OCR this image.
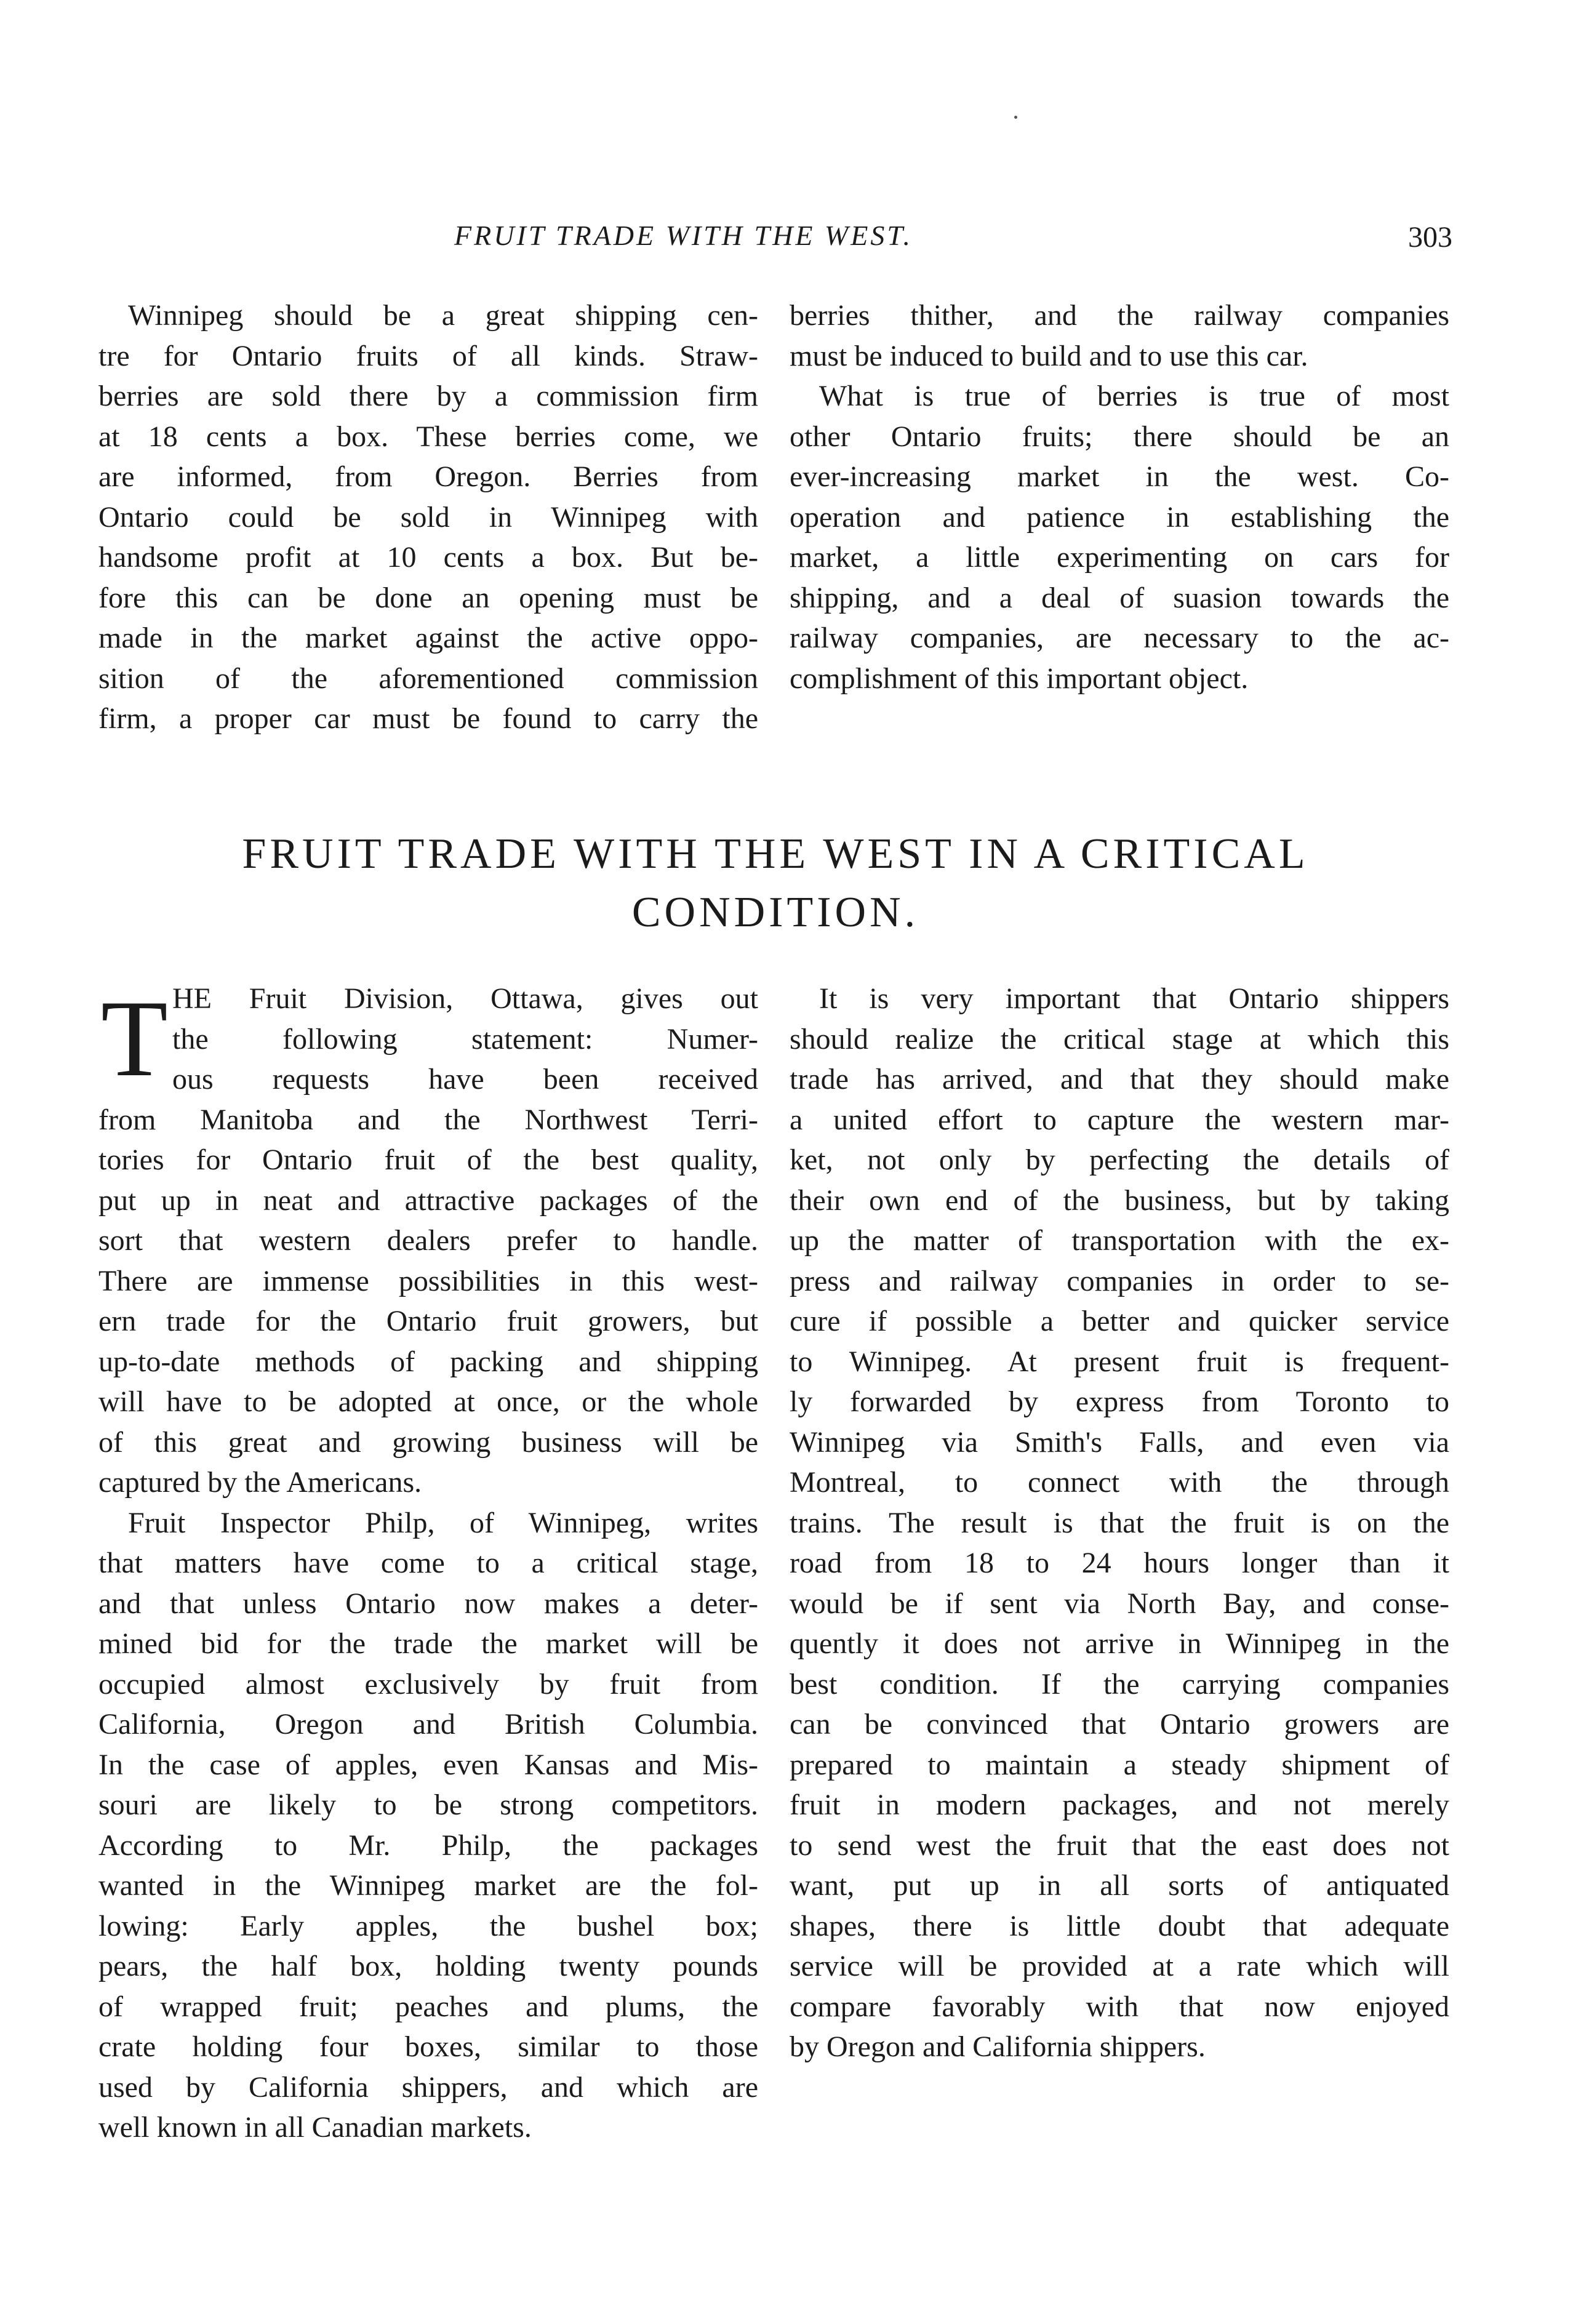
FRUIT TRADE WITH THE WEST.	303
Winnipeg should be a great shipping cen-
tre for Ontario fruits of all kinds. Straw-
berries are sold there by a commission firm
at 18 cents a box. These berries come, we
are informed, from Oregon. Berries from
Ontario could be sold in Winnipeg with
handsome profit at 10 cents a box. But be-
fore this can be done an opening must be
made in the market against the active oppo-
sition of the aforementioned commission
firm, a proper car must be found to carry the
berries thither, and the railway companies
must be induced to build and to use this car.
What is true of berries is true of most
other Ontario fruits; there should be an
ever-increasing market in the west. Co-
operation and patience in establishing the
market, a little experimenting on cars for
shipping, and a deal of suasion towards the
railway companies, are necessary to the ac-
complishment of this important object.
FRUIT TRADE WITH THE WEST IN A CRITICAL
CONDITION.
T HE Fruit Division, Ottawa, gives out
the following statement: Numer-
ous requests have been received
from Manitoba and the Northwest Terri-
tories for Ontario fruit of the best quality,
put up in neat and attractive packages of the
sort that western dealers prefer to handle.
There are immense possibilities in this west-
ern trade for the Ontario fruit growers, but
up-to-date methods of packing and shipping
will have to be adopted at once, or the whole
of this great and growing business will be
captured by the Americans.
Fruit Inspector Philp, of Winnipeg, writes
that matters have come to a critical stage,
and that unless Ontario now makes a deter-
mined bid for the trade the market will be
occupied almost exclusively by fruit from
California, Oregon and British Columbia.
In the case of apples, even Kansas and Mis-
souri are likely to be strong competitors.
According to Mr. Philp, the packages
wanted in the Winnipeg market are the fol-
lowing: Early apples, the bushel box;
pears, the half box, holding twenty pounds
of wrapped fruit; peaches and plums, the
crate holding four boxes, similar to those
used by California shippers, and which are
well known in all Canadian markets.
It is very important that Ontario shippers
should realize the critical stage at which this
trade has arrived, and that they should make
a united effort to capture the western mar-
ket, not only by perfecting the details of
their own end of the business, but by taking
up the matter of transportation with the ex-
press and railway companies in order to se-
cure if possible a better and quicker service
to Winnipeg. At present fruit is frequent-
ly forwarded by express from Toronto to
Winnipeg via Smith's Falls, and even via
Montreal, to connect with the through
trains. The result is that the fruit is on the
road from 18 to 24 hours longer than it
would be if sent via North Bay, and conse-
quently it does not arrive in Winnipeg in the
best condition. If the carrying companies
can be convinced that Ontario growers are
prepared to maintain a steady shipment of
fruit in modern packages, and not merely
to send west the fruit that the east does not
want, put up in all sorts of antiquated
shapes, there is little doubt that adequate
service will be provided at a rate which will
compare favorably with that now enjoyed
by Oregon and California shippers.
